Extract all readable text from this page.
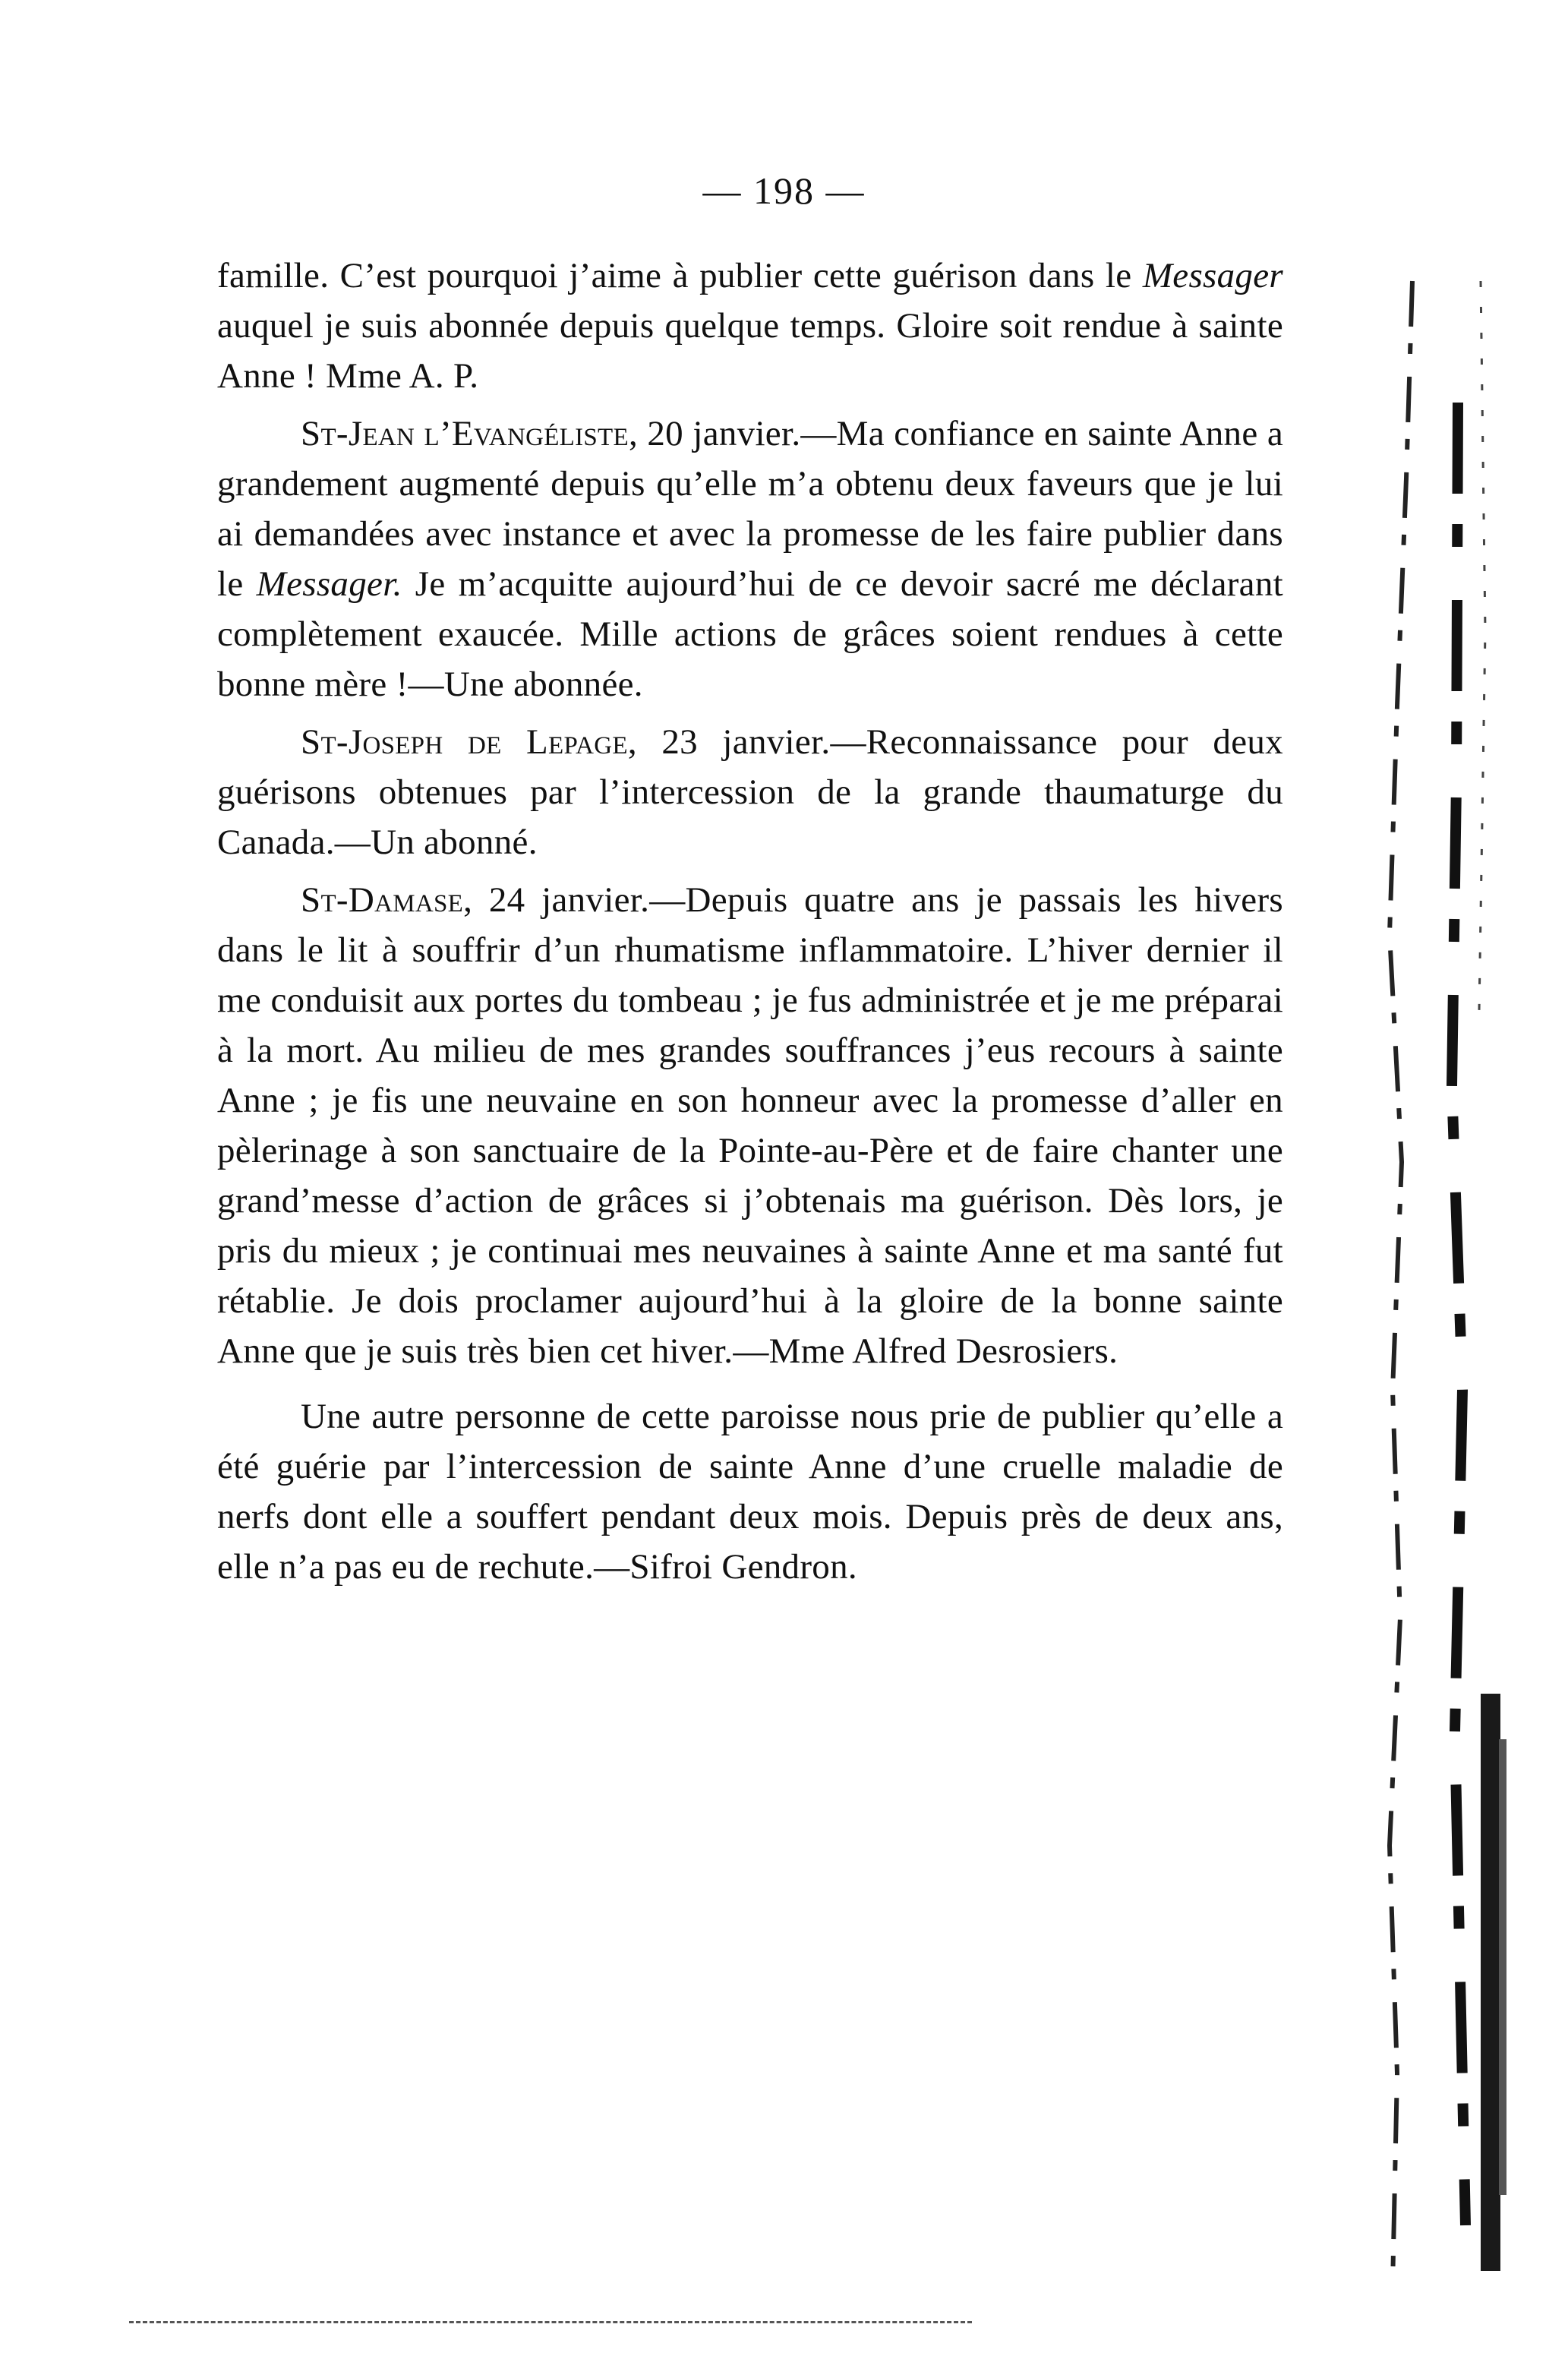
— 198 —

famille. C’est pourquoi j’aime à publier cette guérison dans le Messager auquel je suis abonnée depuis quelque temps. Gloire soit rendue à sainte Anne ! Mme A. P.

St-Jean l’Evangéliste, 20 janvier.—Ma confiance en sainte Anne a grandement augmenté depuis qu’elle m’a obtenu deux faveurs que je lui ai demandées avec instance et avec la promesse de les faire publier dans le Messager. Je m’acquitte aujourd’hui de ce devoir sacré me déclarant complètement exaucée. Mille actions de grâces soient rendues à cette bonne mère !—Une abonnée.

St-Joseph de Lepage, 23 janvier.—Reconnaissance pour deux guérisons obtenues par l’intercession de la grande thaumaturge du Canada.—Un abonné.

St-Damase, 24 janvier.—Depuis quatre ans je passais les hivers dans le lit à souffrir d’un rhumatisme inflammatoire. L’hiver dernier il me conduisit aux portes du tombeau ; je fus administrée et je me préparai à la mort. Au milieu de mes grandes souffrances j’eus recours à sainte Anne ; je fis une neuvaine en son honneur avec la promesse d’aller en pèlerinage à son sanctuaire de la Pointe-au-Père et de faire chanter une grand’messe d’action de grâces si j’obtenais ma guérison. Dès lors, je pris du mieux ; je continuai mes neuvaines à sainte Anne et ma santé fut rétablie. Je dois proclamer aujourd’hui à la gloire de la bonne sainte Anne que je suis très bien cet hiver.—Mme Alfred Desrosiers.

Une autre personne de cette paroisse nous prie de publier qu’elle a été guérie par l’intercession de sainte Anne d’une cruelle maladie de nerfs dont elle a souffert pendant deux mois. Depuis près de deux ans, elle n’a pas eu de rechute.—Sifroi Gendron.
